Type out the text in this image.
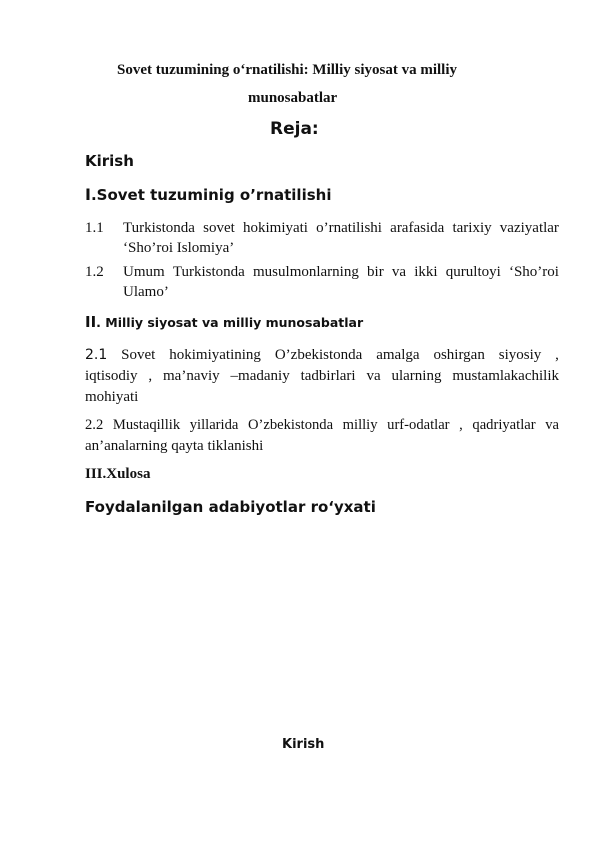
Sovet tuzumining o‘rnatilishi: Milliy siyosat va milliy
munosabatlar
Reja:
Kirish
I.Sovet tuzuminig o’rnatilishi
1.1 Turkistonda sovet hokimiyati o’rnatilishi arafasida tarixiy vaziyatlar
‘Sho’roi Islomiya’
1.2 Umum Turkistonda musulmonlarning bir va ikki qurultoyi ‘Sho’roi
Ulamo’
II. Milliy siyosat va milliy munosabatlar
2.1 Sovet hokimiyatining O’zbekistonda amalga oshirgan siyosiy ,
iqtisodiy , ma’naviy –madaniy tadbirlari va ularning mustamlakachilik
mohiyati
2.2 Mustaqillik yillarida O’zbekistonda milliy urf-odatlar , qadriyatlar va
an’analarning qayta tiklanishi
III.Xulosa
Foydalanilgan adabiyotlar ro‘yxati
Kirish
